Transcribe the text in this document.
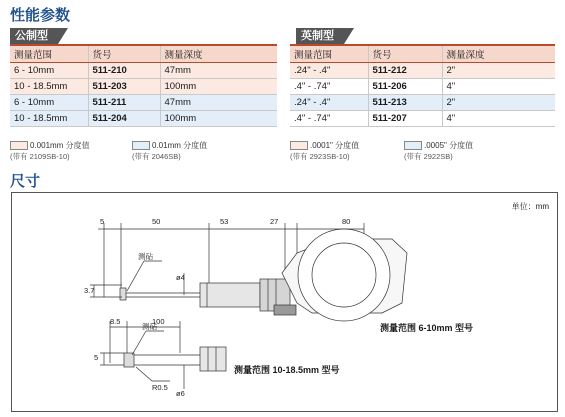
性能参数
公制型
测量范围	货号	测量深度
6 - 10mm	511-210	47mm
10 - 18.5mm	511-203	100mm
6 - 10mm	511-211	47mm
10 - 18.5mm	511-204	100mm
英制型
测量范围	货号	测量深度
.24" - .4"	511-212	2"
.4" - .74"	511-206	4"
.24" - .4"	511-213	2"
.4" - .74"	511-207	4"
0.001mm 分度值
(带有 2109SB-10)
0.01mm 分度值
(带有 2046SB)
.0001" 分度值
(带有 2923SB-10)
.0005" 分度值
(带有 2922SB)
尺寸
单位：mm
5	50	53	27	80
3.7
测砧
ø4
8.5	100
5
测砧
ø6
R0.5
测量范围 6-10mm 型号
测量范围 10-18.5mm 型号
